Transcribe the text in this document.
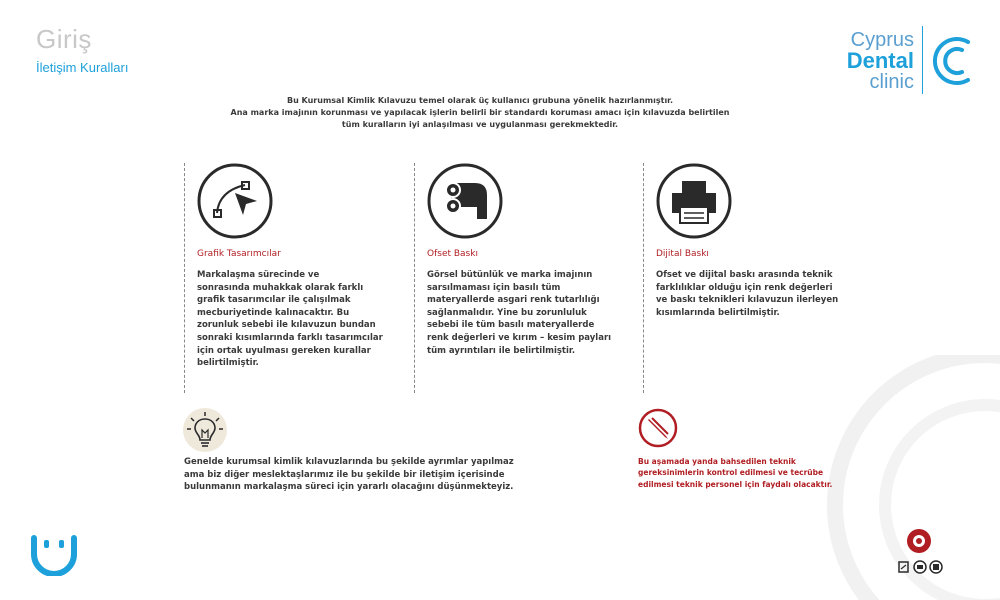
Giriş
İletişim Kuralları
Cyprus
Dental
clinic
Bu Kurumsal Kimlik Kılavuzu temel olarak üç kullanıcı grubuna yönelik hazırlanmıştır.
Ana marka imajının korunması ve yapılacak işlerin belirli bir standardı koruması amacı için kılavuzda belirtilen
tüm kuralların iyi anlaşılması ve uygulanması gerekmektedir.
Grafik Tasarımcılar

Markalaşma sürecinde ve
sonrasında muhakkak olarak farklı
grafik tasarımcılar ile çalışılmak
mecburiyetinde kalınacaktır. Bu
zorunluk sebebi ile kılavuzun bundan
sonraki kısımlarında farklı tasarımcılar
için ortak uyulması gereken kurallar
belirtilmiştir.

Ofset Baskı

Görsel bütünlük ve marka imajının
sarsılmaması için basılı tüm
materyallerde asgari renk tutarlılığı
sağlanmalıdır. Yine bu zorunluluk
sebebi ile tüm basılı materyallerde
renk değerleri ve kırım – kesim payları
tüm ayrıntıları ile belirtilmiştir.

Dijital Baskı

Ofset ve dijital baskı arasında teknik
farklılıklar olduğu için renk değerleri
ve baskı teknikleri kılavuzun ilerleyen
kısımlarında belirtilmiştir.

Genelde kurumsal kimlik kılavuzlarında bu şekilde ayrımlar yapılmaz
ama biz diğer meslektaşlarımız ile bu şekilde bir iletişim içerisinde
bulunmanın markalaşma süreci için yararlı olacağını düşünmekteyiz.

Bu aşamada yanda bahsedilen teknik
gereksinimlerin kontrol edilmesi ve tecrübe
edilmesi teknik personel için faydalı olacaktır.
